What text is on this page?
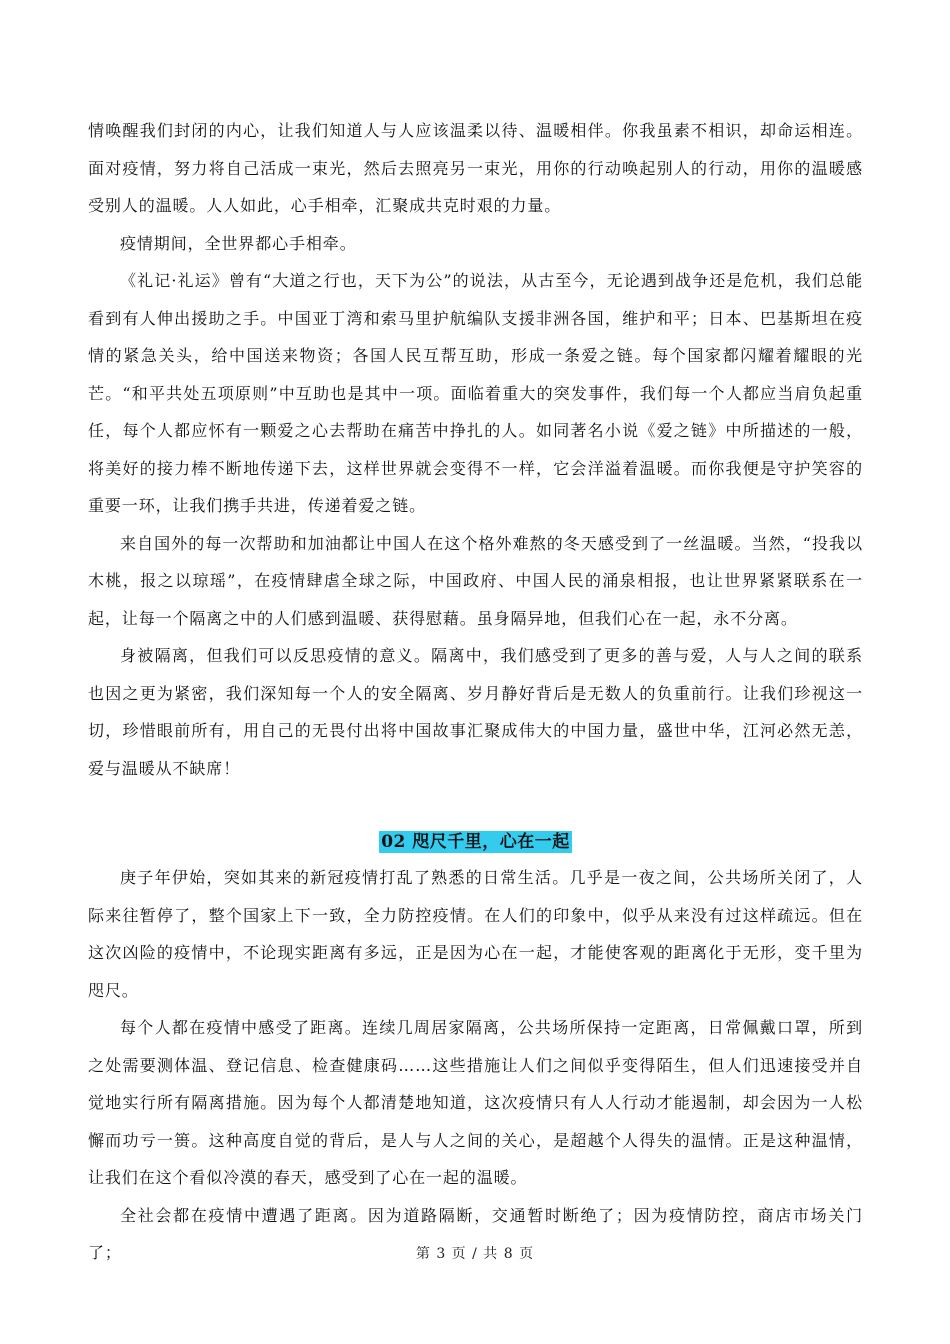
情唤醒我们封闭的内心，让我们知道人与人应该温柔以待、温暖相伴。你我虽素不相识，却命运相连。面对疫情，努力将自己活成一束光，然后去照亮另一束光，用你的行动唤起别人的行动，用你的温暖感受别人的温暖。人人如此，心手相牵，汇聚成共克时艰的力量。

疫情期间，全世界都心手相牵。

《礼记·礼运》曾有“大道之行也，天下为公”的说法，从古至今，无论遇到战争还是危机，我们总能看到有人伸出援助之手。中国亚丁湾和索马里护航编队支援非洲各国，维护和平；日本、巴基斯坦在疫情的紧急关头，给中国送来物资；各国人民互帮互助，形成一条爱之链。每个国家都闪耀着耀眼的光芒。“和平共处五项原则”中互助也是其中一项。面临着重大的突发事件，我们每一个人都应当肩负起重任，每个人都应怀有一颗爱之心去帮助在痛苦中挣扎的人。如同著名小说《爱之链》中所描述的一般，将美好的接力棒不断地传递下去，这样世界就会变得不一样，它会洋溢着温暖。而你我便是守护笑容的重要一环，让我们携手共进，传递着爱之链。

来自国外的每一次帮助和加油都让中国人在这个格外难熬的冬天感受到了一丝温暖。当然，“投我以木桃，报之以琼瑶”，在疫情肆虐全球之际，中国政府、中国人民的涌泉相报，也让世界紧紧联系在一起，让每一个隔离之中的人们感到温暖、获得慰藉。虽身隔异地，但我们心在一起，永不分离。

身被隔离，但我们可以反思疫情的意义。隔离中，我们感受到了更多的善与爱，人与人之间的联系也因之更为紧密，我们深知每一个人的安全隔离、岁月静好背后是无数人的负重前行。让我们珍视这一切，珍惜眼前所有，用自己的无畏付出将中国故事汇聚成伟大的中国力量，盛世中华，江河必然无恙，爱与温暖从不缺席！

02 咫尺千里，心在一起

庚子年伊始，突如其来的新冠疫情打乱了熟悉的日常生活。几乎是一夜之间，公共场所关闭了，人际来往暂停了，整个国家上下一致，全力防控疫情。在人们的印象中，似乎从来没有过这样疏远。但在这次凶险的疫情中，不论现实距离有多远，正是因为心在一起，才能使客观的距离化于无形，变千里为咫尺。

每个人都在疫情中感受了距离。连续几周居家隔离，公共场所保持一定距离，日常佩戴口罩，所到之处需要测体温、登记信息、检查健康码……这些措施让人们之间似乎变得陌生，但人们迅速接受并自觉地实行所有隔离措施。因为每个人都清楚地知道，这次疫情只有人人行动才能遏制，却会因为一人松懈而功亏一篑。这种高度自觉的背后，是人与人之间的关心，是超越个人得失的温情。正是这种温情，让我们在这个看似冷漠的春天，感受到了心在一起的温暖。

全社会都在疫情中遭遇了距离。因为道路隔断，交通暂时断绝了；因为疫情防控，商店市场关门了；	第 3 页 / 共 8 页
